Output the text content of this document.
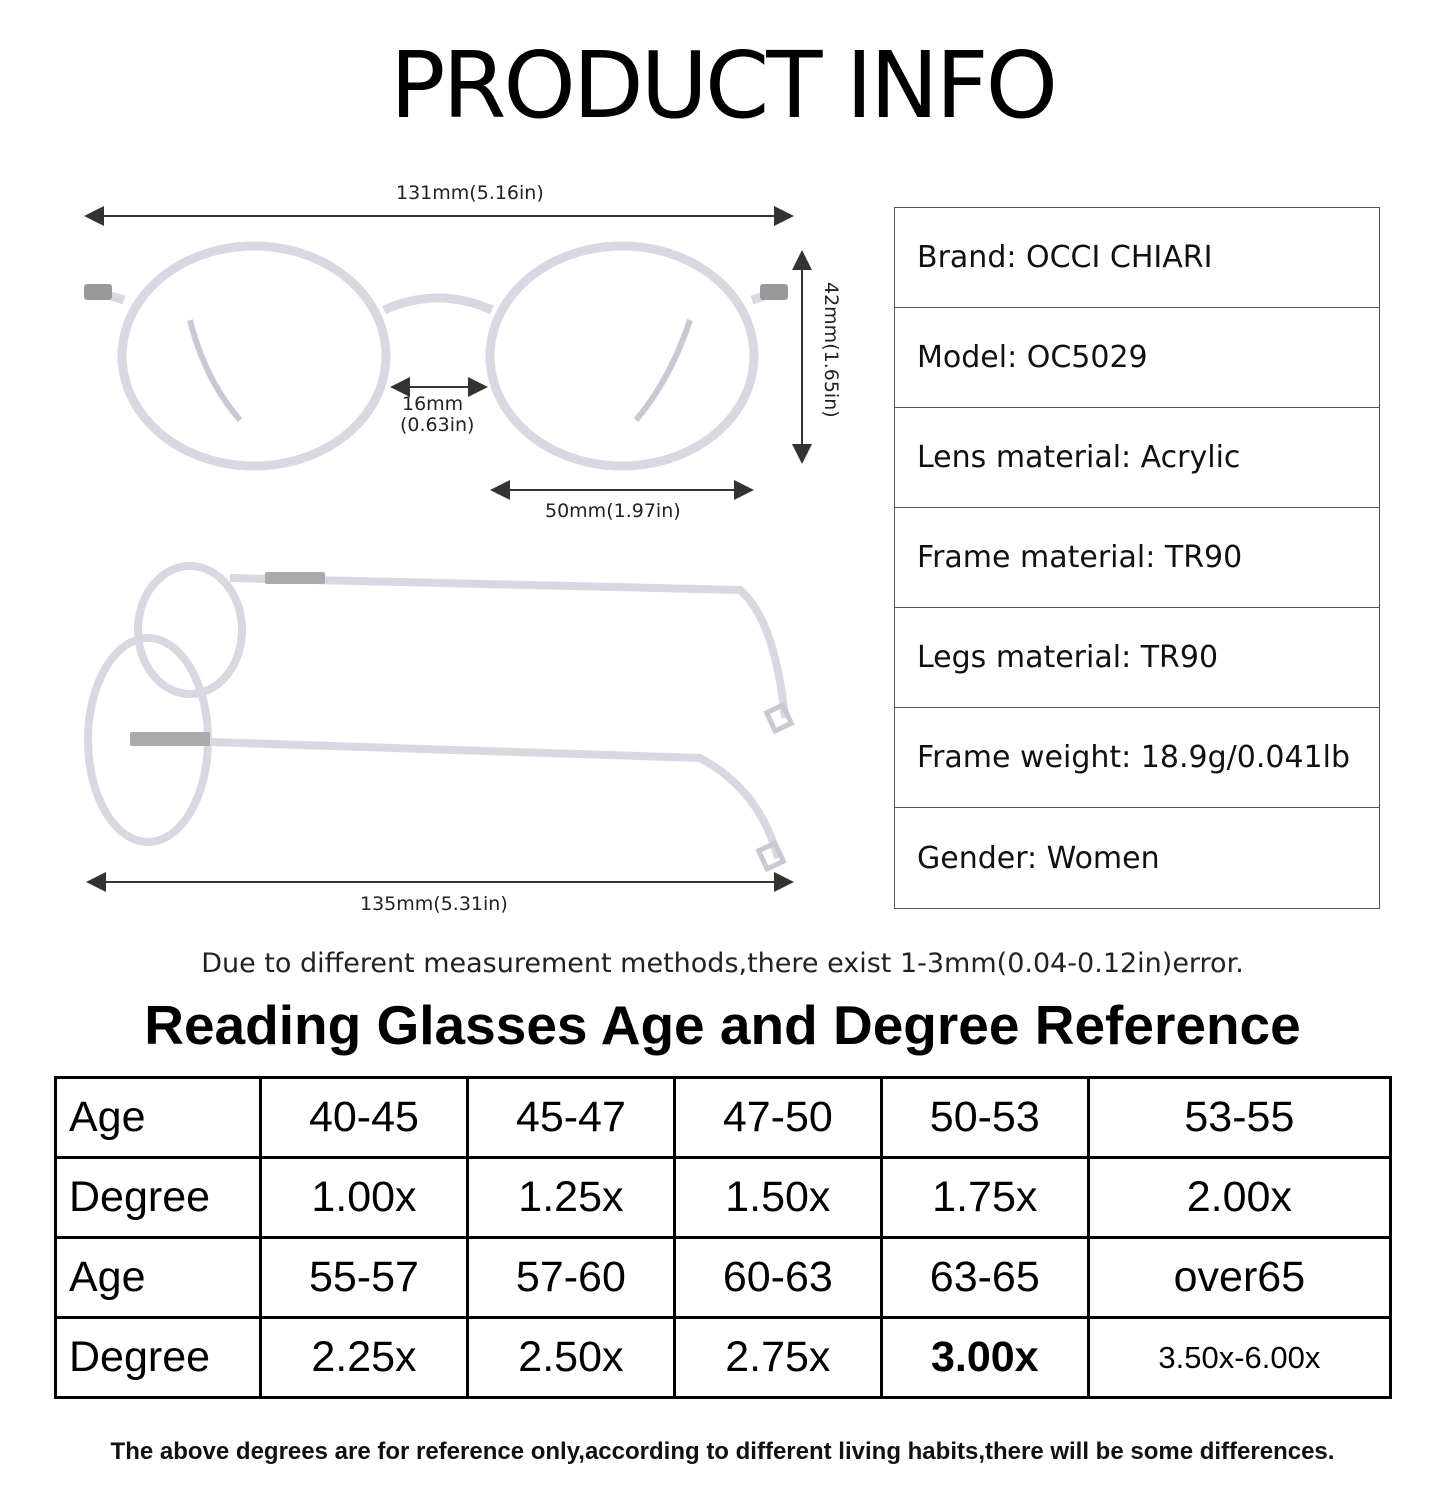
PRODUCT INFO
131mm(5.16in)
42mm(1.65in)
16mm
(0.63in)
50mm(1.97in)
135mm(5.31in)
Brand: OCCI CHIARI
Model: OC5029
Lens material: Acrylic
Frame material: TR90
Legs material: TR90
Frame weight: 18.9g/0.041lb
Gender: Women
Due to different measurement methods,there exist 1-3mm(0.04-0.12in)error.
Reading Glasses Age and Degree Reference
Age	40-45	45-47	47-50	50-53	53-55
Degree	1.00x	1.25x	1.50x	1.75x	2.00x
Age	55-57	57-60	60-63	63-65	over65
Degree	2.25x	2.50x	2.75x	3.00x	3.50x-6.00x
The above degrees are for reference only,according to different living habits,there will be some differences.
